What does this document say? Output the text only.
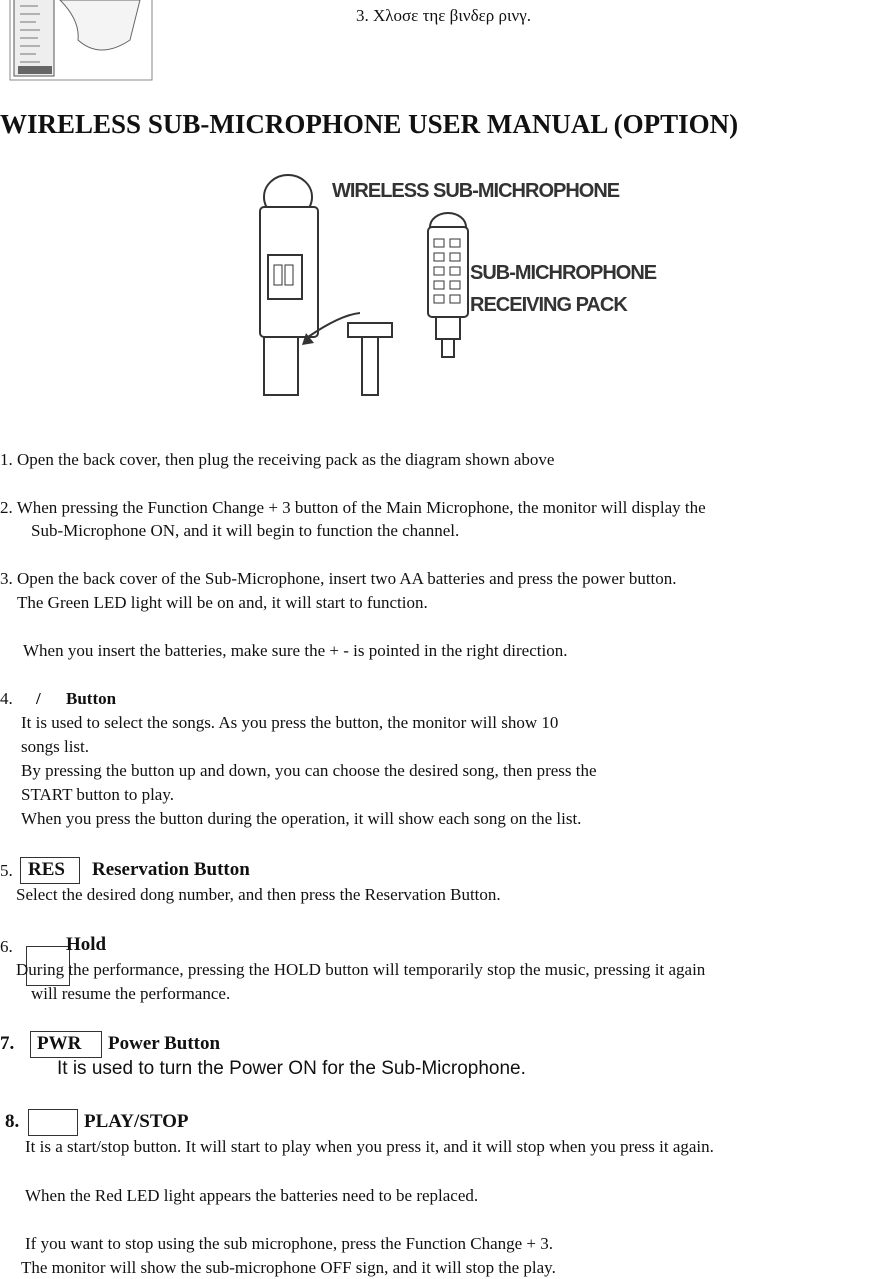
3. Χλοσε τηε βινδερ ρινγ.
WIRELESS SUB-MICROPHONE USER MANUAL (OPTION)
WIRELESS SUB-MICHROPHONE
SUB-MICHROPHONE
RECEIVING PACK
1. Open the back cover, then plug the receiving pack as the diagram shown above
2. When pressing the Function Change + 3 button of the Main Microphone, the monitor will display the
Sub-Microphone ON, and it will begin to function the channel.
3. Open the back cover of the Sub-Microphone, insert two AA batteries and press the power button.
The Green LED light will be on and, it will start to function.
When you insert the batteries, make sure the + - is pointed in the right direction.
4. / Button
It is used to select the songs. As you press the button, the monitor will show 10
songs list.
By pressing the button up and down, you can choose the desired song, then press the
START button to play.
When you press the button during the operation, it will show each song on the list.
5. RES Reservation Button
Select the desired dong number, and then press the Reservation Button.
6.	Hold
During the performance, pressing the HOLD button will temporarily stop the music, pressing it again
will resume the performance.
7. PWR Power Button
It is used to turn the Power ON for the Sub-Microphone.
8.	PLAY/STOP
It is a start/stop button. It will start to play when you press it, and it will stop when you press it again.
When the Red LED light appears the batteries need to be replaced.
If you want to stop using the sub microphone, press the Function Change + 3.
The monitor will show the sub-microphone OFF sign, and it will stop the play.
